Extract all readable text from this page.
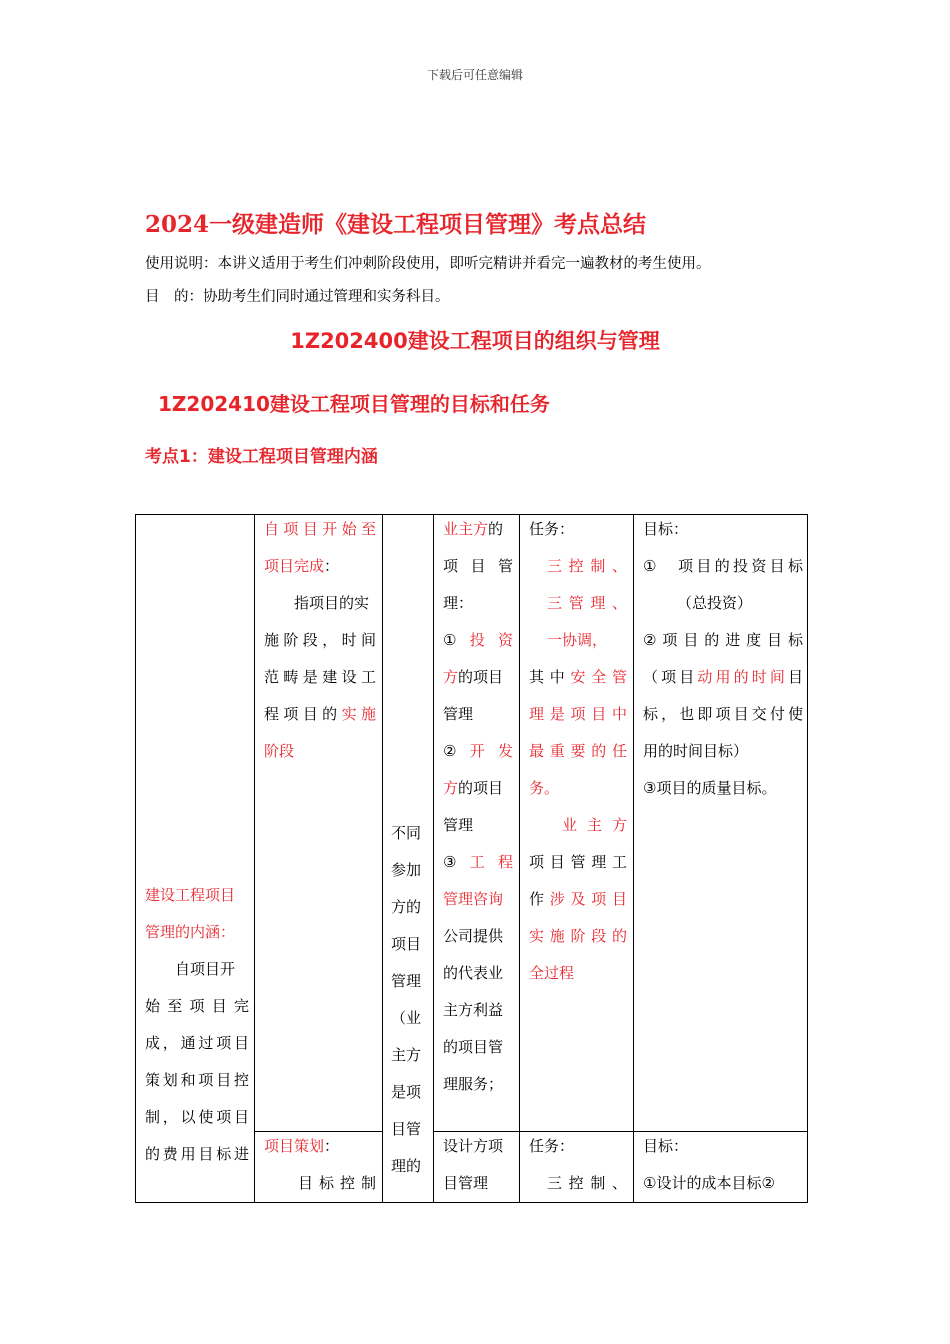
下载后可任意编辑
2024一级建造师《建设工程项目管理》考点总结
使用说明：本讲义适用于考生们冲刺阶段使用，即听完精讲并看完一遍教材的考生使用。
目　的：协助考生们同时通过管理和实务科目。
1Z202400建设工程项目的组织与管理
1Z202410建设工程项目管理的目标和任务
考点1：建设工程项目管理内涵

建设工程项目

管理的内涵：

自项目开

始至项目完

成，通过项目

策划和项目控

制，以使项目

的费用目标进

自项目开始至

项目完成：

指项目的实

施阶段，时间

范畴是建设工

程项目的实施

阶段

项目策划：

目标控制

不同

参加

方的

项目

管理

（业

主方

是项

目管

理的

业主方的

项目管

理：

①投资

方的项目

管理

②开发

方的项目

管理

③工程

管理咨询

公司提供

的代表业

主方利益

的项目管

理服务；

设计方项

目管理

任务：

三控制、

三管理、

一协调，

其中安全管

理是项目中

最重要的任

务。

业主方

项目管理工

作涉及项目

实施阶段的

全过程

任务：

三控制、

目标：

①　项目的投资目标

（总投资）

②项目的进度目标

（项目动用的时间目

标，也即项目交付使

用的时间目标）

③项目的质量目标。

目标：

①设计的成本目标②
